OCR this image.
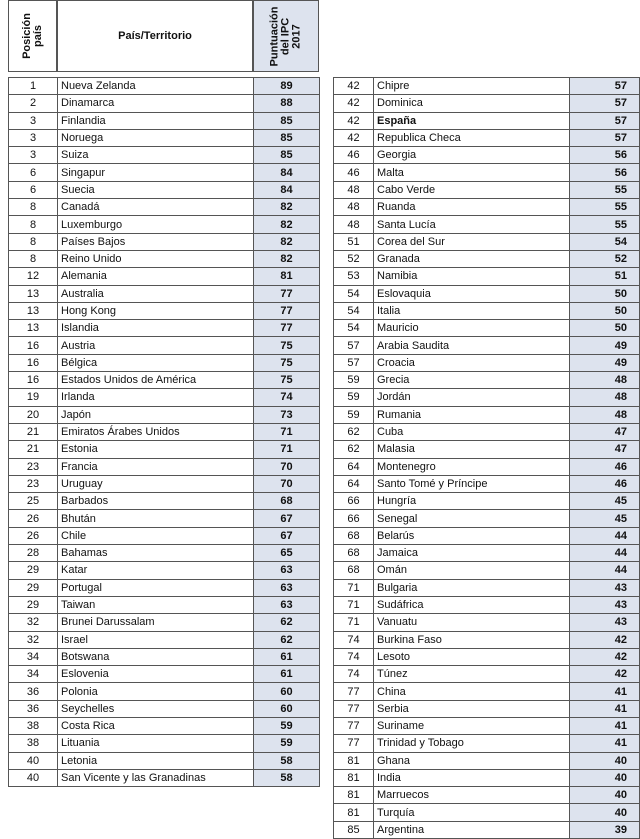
Posición
país	País/Territorio	Puntuación
del IPC
2017
1	Nueva Zelanda	89
2	Dinamarca	88
3	Finlandia	85
3	Noruega	85
3	Suiza	85
6	Singapur	84
6	Suecia	84
8	Canadá	82
8	Luxemburgo	82
8	Países Bajos	82
8	Reino Unido	82
12	Alemania	81
13	Australia	77
13	Hong Kong	77
13	Islandia	77
16	Austria	75
16	Bélgica	75
16	Estados Unidos de América	75
19	Irlanda	74
20	Japón	73
21	Emiratos Árabes Unidos	71
21	Estonia	71
23	Francia	70
23	Uruguay	70
25	Barbados	68
26	Bhután	67
26	Chile	67
28	Bahamas	65
29	Katar	63
29	Portugal	63
29	Taiwan	63
32	Brunei Darussalam	62
32	Israel	62
34	Botswana	61
34	Eslovenia	61
36	Polonia	60
36	Seychelles	60
38	Costa Rica	59
38	Lituania	59
40	Letonia	58
40	San Vicente y las Granadinas	58
42	Chipre	57
42	Dominica	57
42	España	57
42	Republica Checa	57
46	Georgia	56
46	Malta	56
48	Cabo Verde	55
48	Ruanda	55
48	Santa Lucía	55
51	Corea del Sur	54
52	Granada	52
53	Namibia	51
54	Eslovaquia	50
54	Italia	50
54	Mauricio	50
57	Arabia Saudita	49
57	Croacia	49
59	Grecia	48
59	Jordán	48
59	Rumania	48
62	Cuba	47
62	Malasia	47
64	Montenegro	46
64	Santo Tomé y Príncipe	46
66	Hungría	45
66	Senegal	45
68	Belarús	44
68	Jamaica	44
68	Omán	44
71	Bulgaria	43
71	Sudáfrica	43
71	Vanuatu	43
74	Burkina Faso	42
74	Lesoto	42
74	Túnez	42
77	China	41
77	Serbia	41
77	Suriname	41
77	Trinidad y Tobago	41
81	Ghana	40
81	India	40
81	Marruecos	40
81	Turquía	40
85	Argentina	39
